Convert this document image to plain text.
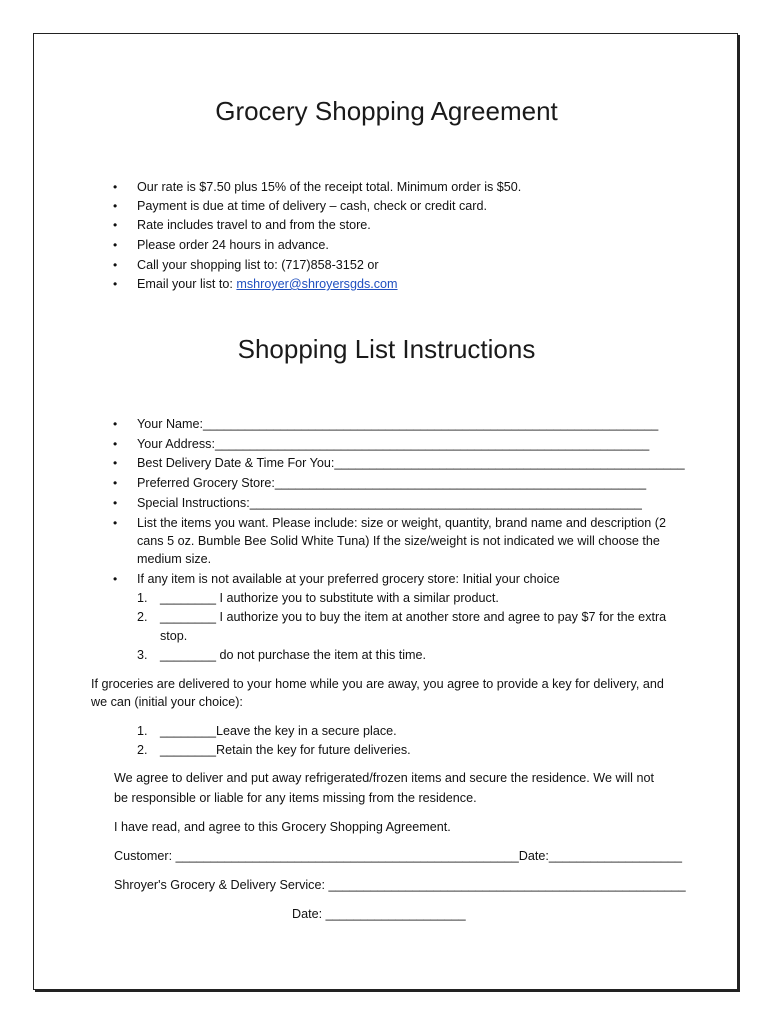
Grocery Shopping Agreement
• Our rate is $7.50 plus 15% of the receipt total. Minimum order is $50.
• Payment is due at time of delivery – cash, check or credit card.
• Rate includes travel to and from the store.
• Please order 24 hours in advance.
• Call your shopping list to: (717)858-3152 or
• Email your list to: mshroyer@shroyersgds.com
Shopping List Instructions
• Your Name:_________________________________________________________________
• Your Address:______________________________________________________________
• Best Delivery Date & Time For You:__________________________________________________
• Preferred Grocery Store:_____________________________________________________
• Special Instructions:________________________________________________________
• List the items you want. Please include: size or weight, quantity, brand name and description (2
cans 5 oz. Bumble Bee Solid White Tuna) If the size/weight is not indicated we will choose the
medium size.
• If any item is not available at your preferred grocery store: Initial your choice
1. ________ I authorize you to substitute with a similar product.
2. ________ I authorize you to buy the item at another store and agree to pay $7 for the extra
stop.
3. ________ do not purchase the item at this time.
If groceries are delivered to your home while you are away, you agree to provide a key for delivery, and
we can (initial your choice):
1. ________Leave the key in a secure place.
2. ________Retain the key for future deliveries.
We agree to deliver and put away refrigerated/frozen items and secure the residence. We will not
be responsible or liable for any items missing from the residence.
I have read, and agree to this Grocery Shopping Agreement.
Customer: _________________________________________________Date:___________________
Shroyer's Grocery & Delivery Service: ___________________________________________________
Date: ____________________
